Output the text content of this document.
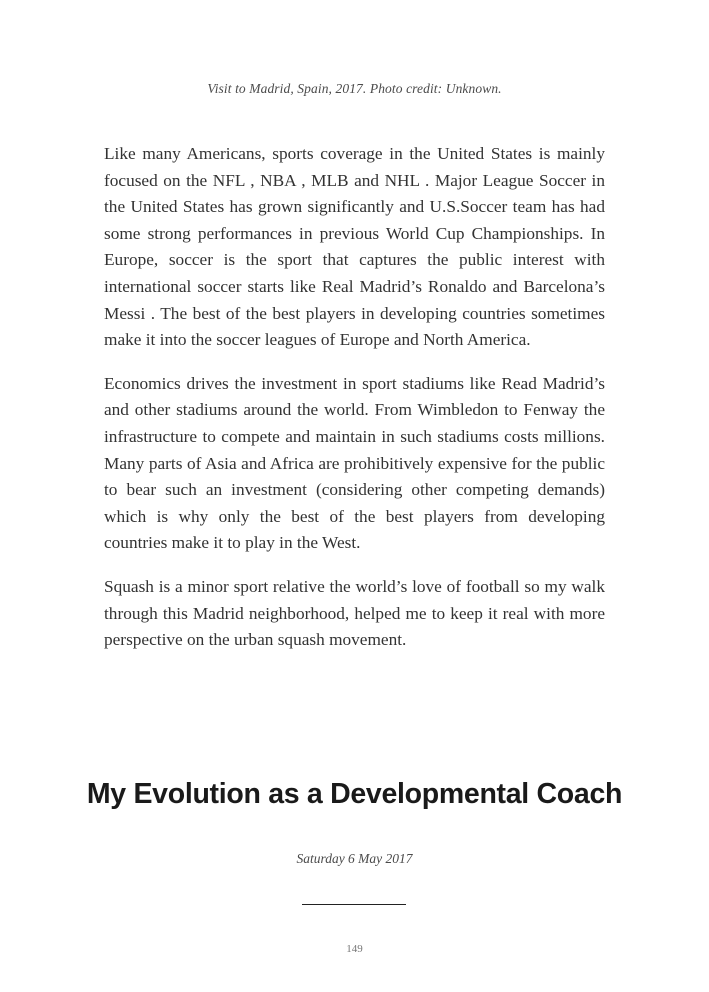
Visit to Madrid, Spain, 2017. Photo credit: Unknown.

Like many Americans, sports coverage in the United States is mainly focused on the NFL , NBA , MLB and NHL . Major League Soccer in the United States has grown significantly and U.S.Soccer team has had some strong performances in previous World Cup Championships. In Europe, soccer is the sport that captures the public interest with international soccer starts like Real Madrid’s Ronaldo and Barcelona’s Messi . The best of the best players in developing countries sometimes make it into the soccer leagues of Europe and North America.

Economics drives the investment in sport stadiums like Read Madrid’s and other stadiums around the world. From Wimbledon to Fenway the infrastructure to compete and maintain in such stadiums costs millions. Many parts of Asia and Africa are prohibitively expensive for the public to bear such an investment (considering other competing demands) which is why only the best of the best players from developing countries make it to play in the West.

Squash is a minor sport relative the world’s love of football so my walk through this Madrid neighborhood, helped me to keep it real with more perspective on the urban squash movement.

My Evolution as a Developmental Coach
Saturday 6 May 2017
149
